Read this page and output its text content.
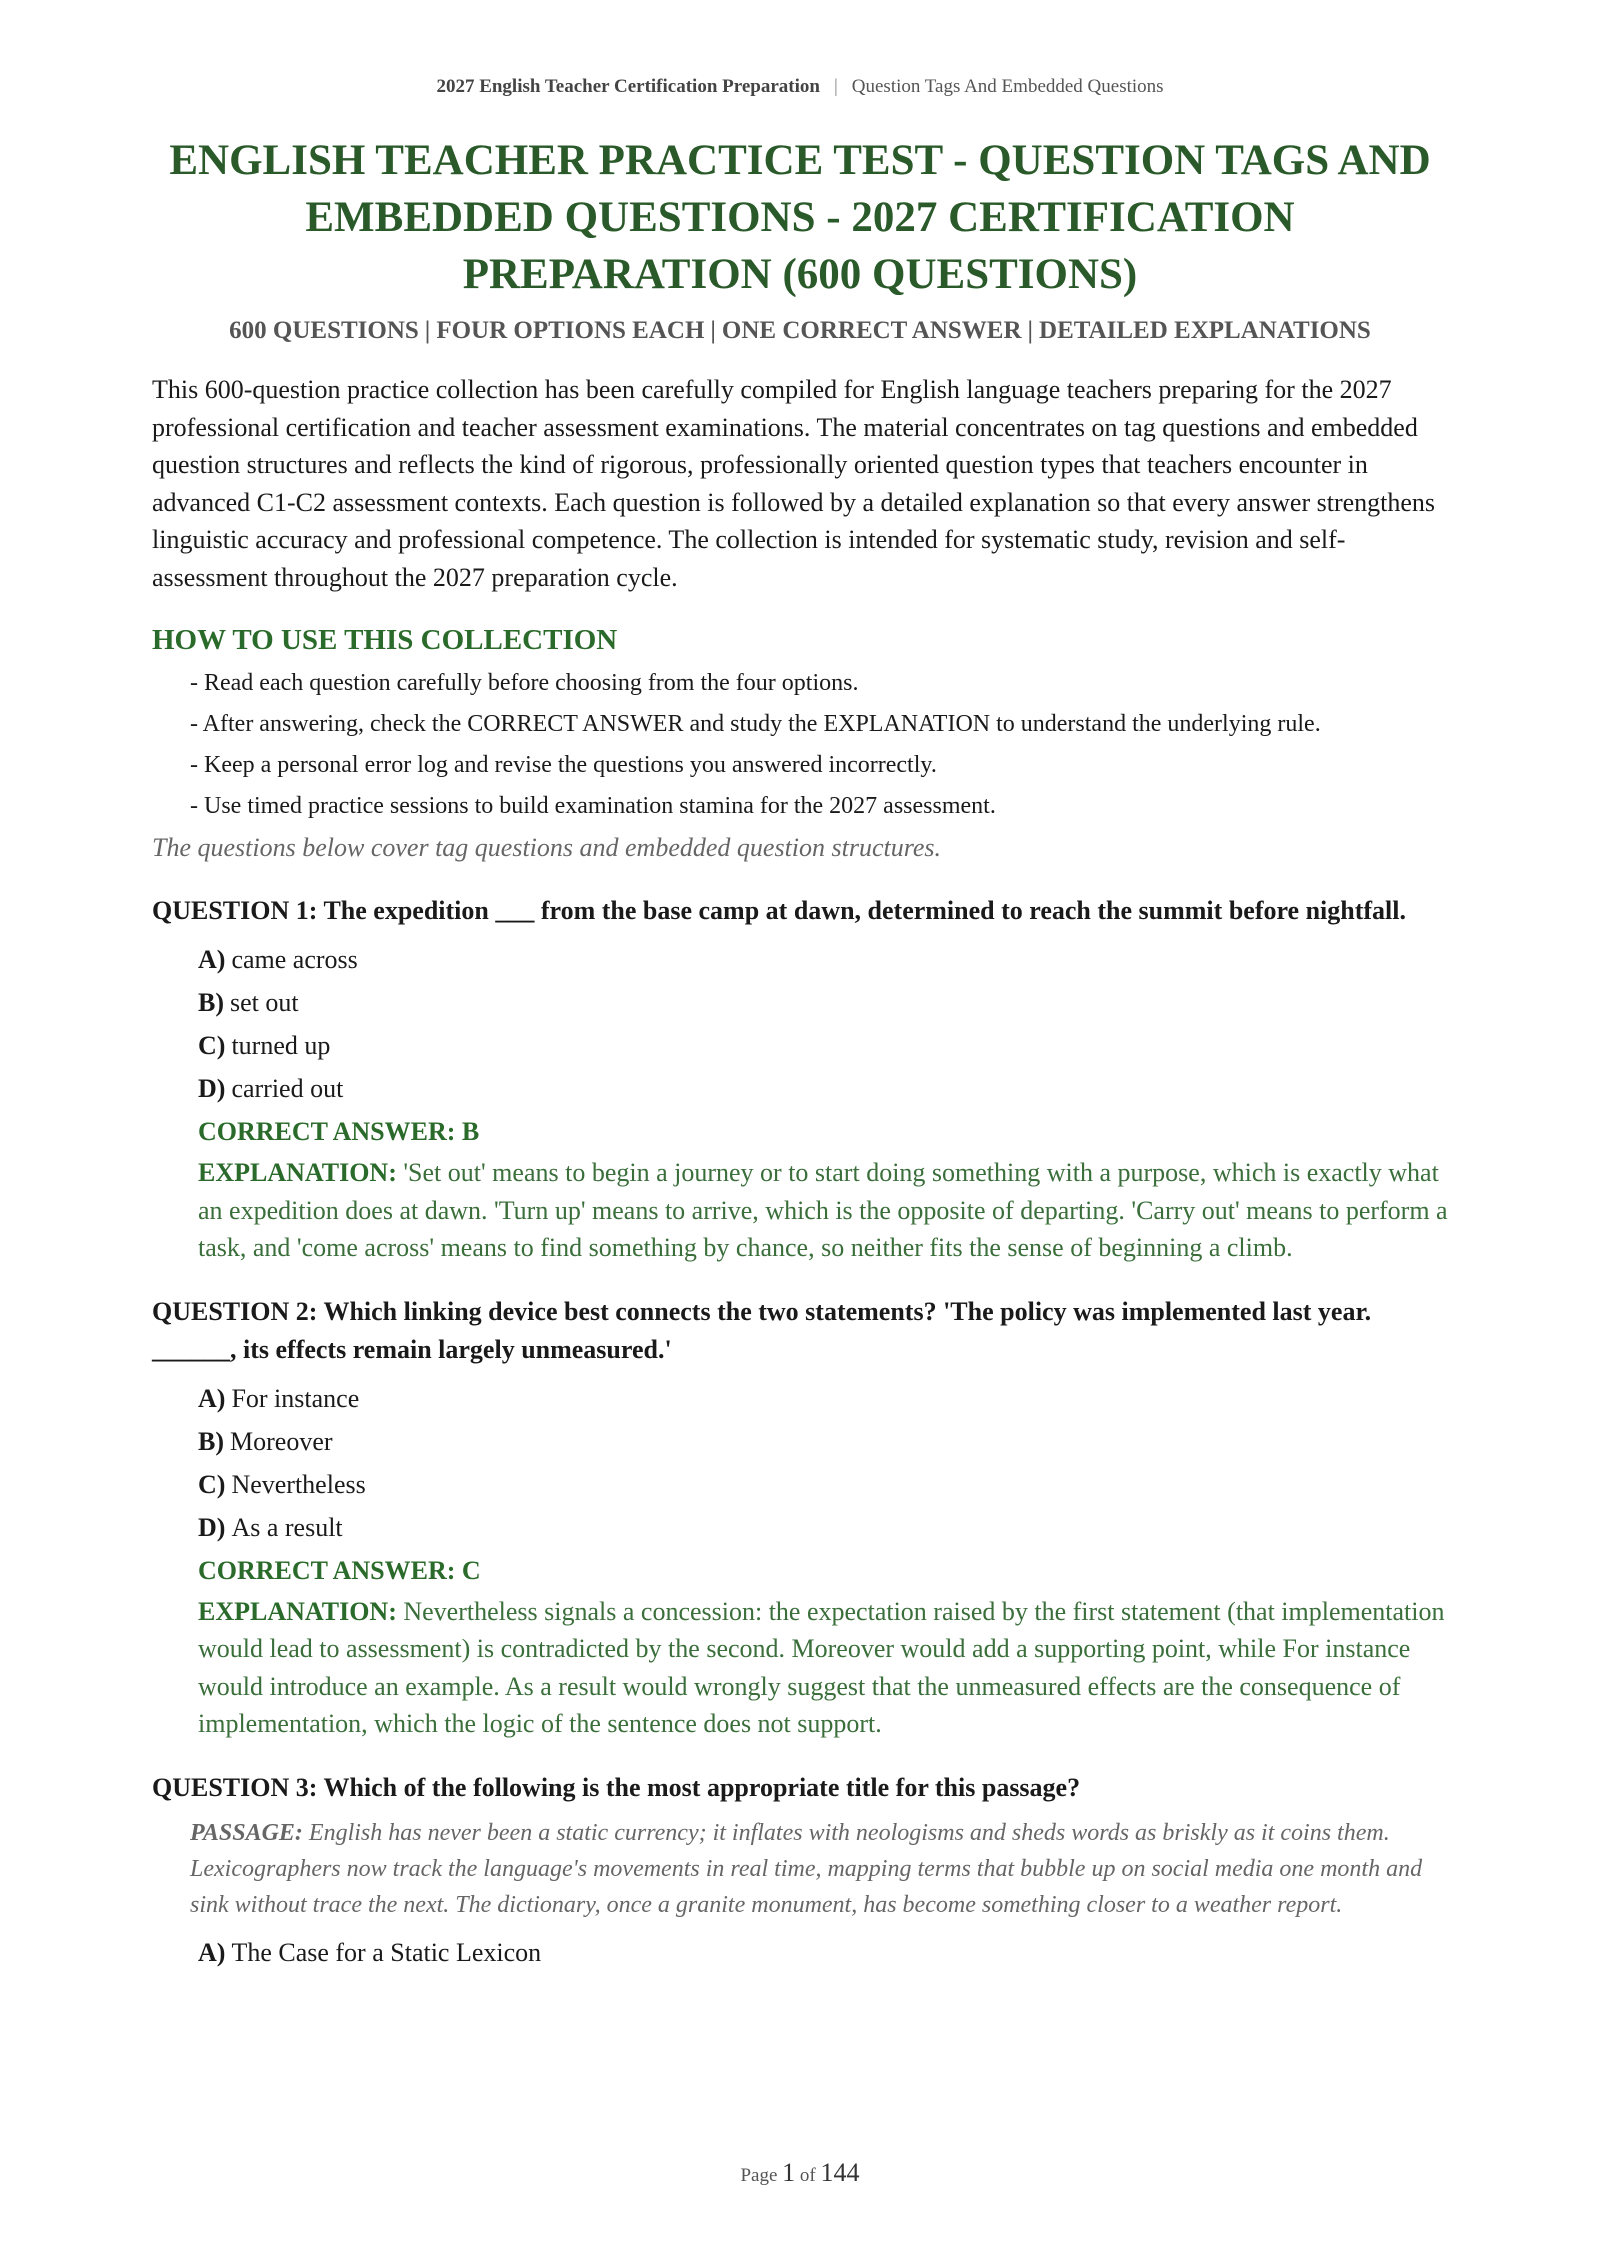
2027 English Teacher Certification Preparation | Question Tags And Embedded Questions
ENGLISH TEACHER PRACTICE TEST - QUESTION TAGS AND EMBEDDED QUESTIONS - 2027 CERTIFICATION PREPARATION (600 QUESTIONS)
600 QUESTIONS | FOUR OPTIONS EACH | ONE CORRECT ANSWER | DETAILED EXPLANATIONS

This 600-question practice collection has been carefully compiled for English language teachers preparing for the 2027 professional certification and teacher assessment examinations. The material concentrates on tag questions and embedded question structures and reflects the kind of rigorous, professionally oriented question types that teachers encounter in advanced C1-C2 assessment contexts. Each question is followed by a detailed explanation so that every answer strengthens linguistic accuracy and professional competence. The collection is intended for systematic study, revision and self-assessment throughout the 2027 preparation cycle.

HOW TO USE THIS COLLECTION
- Read each question carefully before choosing from the four options.
- After answering, check the CORRECT ANSWER and study the EXPLANATION to understand the underlying rule.
- Keep a personal error log and revise the questions you answered incorrectly.
- Use timed practice sessions to build examination stamina for the 2027 assessment.
The questions below cover tag questions and embedded question structures.
QUESTION 1: The expedition ___ from the base camp at dawn, determined to reach the summit before nightfall.
A) came across
B) set out
C) turned up
D) carried out
CORRECT ANSWER: B
EXPLANATION: 'Set out' means to begin a journey or to start doing something with a purpose, which is exactly what an expedition does at dawn. 'Turn up' means to arrive, which is the opposite of departing. 'Carry out' means to perform a task, and 'come across' means to find something by chance, so neither fits the sense of beginning a climb.
QUESTION 2: Which linking device best connects the two statements? 'The policy was implemented last year. ______, its effects remain largely unmeasured.'
A) For instance
B) Moreover
C) Nevertheless
D) As a result
CORRECT ANSWER: C
EXPLANATION: Nevertheless signals a concession: the expectation raised by the first statement (that implementation would lead to assessment) is contradicted by the second. Moreover would add a supporting point, while For instance would introduce an example. As a result would wrongly suggest that the unmeasured effects are the consequence of implementation, which the logic of the sentence does not support.
QUESTION 3: Which of the following is the most appropriate title for this passage?
PASSAGE: English has never been a static currency; it inflates with neologisms and sheds words as briskly as it coins them. Lexicographers now track the language's movements in real time, mapping terms that bubble up on social media one month and sink without trace the next. The dictionary, once a granite monument, has become something closer to a weather report.
A) The Case for a Static Lexicon
Page 1 of 144
